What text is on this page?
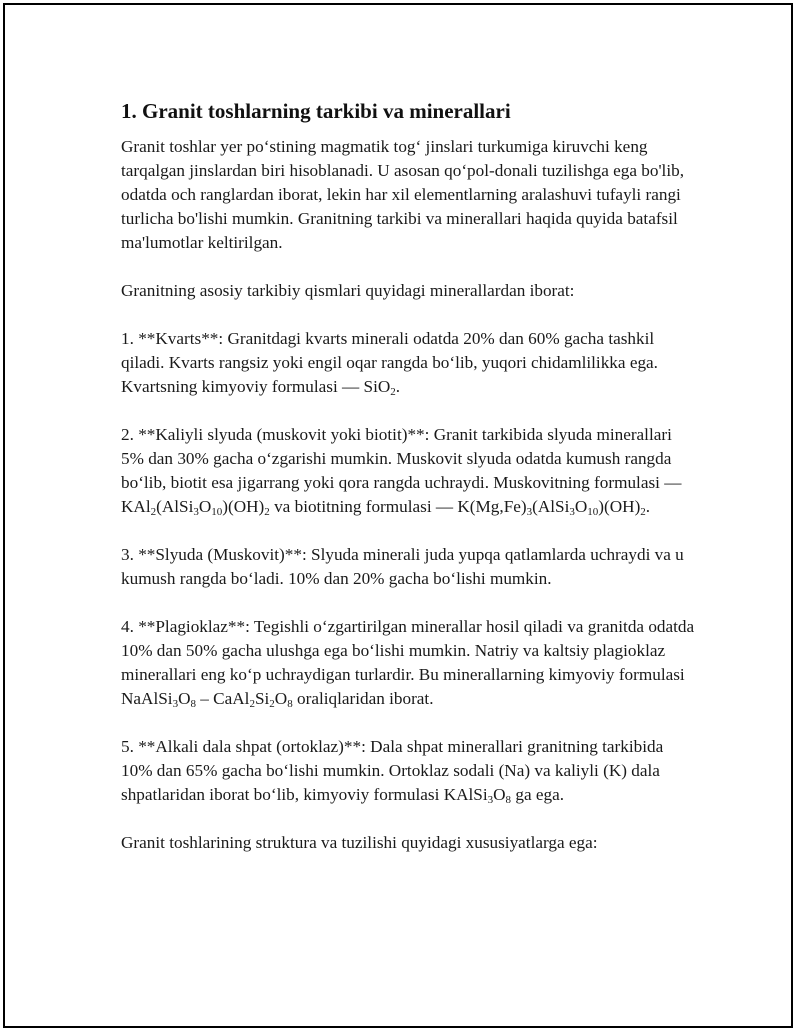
1. Granit toshlarning tarkibi va minerallari

Granit toshlar yer po‘stining magmatik tog‘ jinslari turkumiga kiruvchi keng tarqalgan jinslardan biri hisoblanadi. U asosan qo‘pol-donali tuzilishga ega bo'lib, odatda och ranglardan iborat, lekin har xil elementlarning aralashuvi tufayli rangi turlicha bo'lishi mumkin. Granitning tarkibi va minerallari haqida quyida batafsil ma'lumotlar keltirilgan.

Granitning asosiy tarkibiy qismlari quyidagi minerallardan iborat:

1. **Kvarts**: Granitdagi kvarts minerali odatda 20% dan 60% gacha tashkil qiladi. Kvarts rangsiz yoki engil oqar rangda bo‘lib, yuqori chidamlilikka ega. Kvartsning kimyoviy formulasi — SiO$_2$.

2. **Kaliyli slyuda (muskovit yoki biotit)**: Granit tarkibida slyuda minerallari 5% dan 30% gacha o‘zgarishi mumkin. Muskovit slyuda odatda kumush rangda bo‘lib, biotit esa jigarrang yoki qora rangda uchraydi. Muskovitning formulasi — $KAl_2(AlSi_3O_{10})(OH)_2$ va biotitning formulasi — $K(Mg,Fe)_3(AlSi_3O_{10})(OH)_2$.

3. **Slyuda (Muskovit)**: Slyuda minerali juda yupqa qatlamlarda uchraydi va u kumush rangda bo‘ladi. 10% dan 20% gacha bo‘lishi mumkin.

4. **Plagioklaz**: Tegishli o‘zgartirilgan minerallar hosil qiladi va granitda odatda 10% dan 50% gacha ulushga ega bo‘lishi mumkin. Natriy va kaltsiy plagioklaz minerallari eng ko‘p uchraydigan turlardir. Bu minerallarning kimyoviy formulasi $NaAlSi_3O_8$ – $CaAl_2Si_2O_8$ oraliqlaridan iborat.

5. **Alkali dala shpat (ortoklaz)**: Dala shpat minerallari granitning tarkibida 10% dan 65% gacha bo‘lishi mumkin. Ortoklaz sodali (Na) va kaliyli (K) dala shpatlaridan iborat bo‘lib, kimyoviy formulasi $KAlSi_3O_8$ ga ega.

Granit toshlarining struktura va tuzilishi quyidagi xususiyatlarga ega:
